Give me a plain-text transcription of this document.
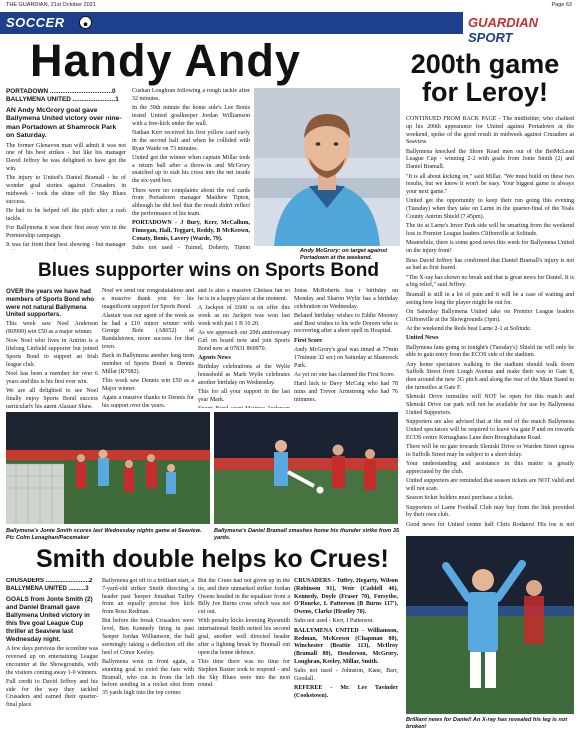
THE GUARDIAN, 21st October 2021	Page 63
SOCCER	GUARDIAN SPORT
Handy Andy	200th game for Leroy!
PORTADOWN ...................................0
BALLYMENA UNITED ........................1
AN Andy McGrory goal gave Ballymena United victory over nine-man Portadown at Shamrock Park on Saturday.

The former Glenavon man will admit it was not one of his best strikes - but like his manager David Jeffrey he was delighted to have got the win.

The injury to United's Daniel Bramall - he of wonder goal stories against Crusaders in midweek - took the shine off the Sky Blues success.

He had to be helped off the pitch after a rash tackle.

For Ballymena it was their first away win in the Premiership campaign.

It was far from their best showing - but manager

Cushan Loughran following a rough tackle after 32 minutes.

In the 39th minute the home side's Lee Bonis tested United goalkeeper Jordan Williamson with a free-kick under the wall.

Nathan Kerr received his first yellow card early in the second half and when he collided with Ryan Waide on 73 minutes.

United got the winner when captain Millar took a return ball after a throw-in and McGrory snatched up to stab his cross into the net inside the six-yard box.

There were no complaints about the red cards from Portadown manager Matthew Tipton, although he did feel that the result didn't reflect the performance of his team.

PORTADOWN - J Bury, Kerr, McCallum, Finnegan, Hall, Teggart, Reddy, B McKeown, Conaty, Bonis, Lavery (Warde, 79).

Subs not used - Tuimel, Doherty, Tipton	Andy McGrory: on target against Portadown at the weekend.

CONTINUED FROM BACK PAGE - The midfielder, who chalked up his 200th appearance for United against Portadown at the weekend, spoke of the good result in midweek against Crusaders at Seaview.

Ballymena knocked the Shore Road men out of the BetMcLean League Cup - winning 2-2 with goals from Jonte Smith (2) and Daniel Bramall.

"It is all about kicking on," said Millar. "We must build on these two results, but we know it won't be easy. Your biggest game is always your next game."

United get the opportunity to keep their run going this evening (Tuesday) when they take on Larne in the quarter-final of the Toals County Antrim Shield (7.45pm).

The tie at Larne's Inver Park side will be smarting from the weekend loss to Premier League leaders Cliftonville at Solitude.

Meanwhile, there is some good news this week for Ballymena United on the injury front!

Boss David Jeffrey has confirmed that Daniel Bramall's injury is not as bad as first feared.

"The X-ray has shown no break and that is great news for Daniel. It is a big relief," said Jeffrey.

Bramall is still in a lot of pain and it will be a case of waiting and seeing how long the player might be out for.

On Saturday Ballymena United take on Premier League leaders Cliftonville at the Showgrounds (3pm).

At the weekend the Reds beat Larne 2-1 at Solitude.

United News

Ballymena fans going to tonight's (Tuesday's) Shield tie will only be able to gain entry from the ECOS side of the stadium.

Any home spectators walking to the stadium should walk down Suffolk Street from Lough Avenue and make their way to Gate 8, then around the new 3G pitch and along the rear of the Main Stand to the turnstiles at Gate F.

Sleniski Drive turnstiles will NOT be open for this match and Sleniski Drive car park will not be available for use by Ballymena United Supporters.

Supporters are also advised that at the end of the match Ballymena United spectators will be required to leave via gate P and on towards ECOS centre Kernaghans Lane then Broughshane Road.

There will be no gate towards Sleniski Drive or Warden Street egress to Suffolk Street may be subject to a short delay.

Your understanding and assistance in this matter is greatly appreciated by the club.

United supporters are reminded that season tickets are NOT valid and will not scan.

Season ticket holders must purchase a ticket.

Supporters of Larne Football Club may buy from the link provided by their own club.

Good news for United centre half Chris Rodgers! His toe is not

Blues supporter wins on Sports Bond
OVER the years we have had members of Sports Bond who were not natural Ballymena United supporters.

This week saw Noel Anderson (R0999) win £50 as a major winner.

Now Noel who lives in Antrim is a lifelong Linfield supporter but joined Sports Bond to support an Irish league club.

Noel has been a member for over 6 years and this is his first ever win.

We are all delighted to see Noel finally enjoy Sports Bond success particularly his agent Alastair Shaw.

Noel we send our congratulations and a massive thank you for his magnificent support for Sports Bond.

Alastair was our agent of the week as he had a £10 minor winner with George Bole (A8652) of Randalstown, more success for that town.

Back in Ballymena another long term member of Sports Bond is Dennis Millar (R7082).

This week saw Dennis win £50 as a Major winner.

Again a massive thanks to Dennis for his support over the years.

and is also a massive Chelsea fan so he is in a happy place at the moment.

A Jackpot of £600 is on offer this week as no Jackpot was won last week with just 1 B 10 20.

As we approach our 20th anniversary Girl on board now and join Sports Bond now at 07831 869970.

Agents News

Birthday celebrations at the Wylie household as Mark Wylie celebrates another birthday on Wednesday.

This for all your support in the last year Mark.

Jonas McRoberts has r birthday on Monday and Sharon Wylie has a birthday celebration on Wednesday.

Belated birthday wishes to Eddie Mooney and Best wishes to his wife Doreen who is recovering after a short spell in Hospital.

First Score

Andy McGrory's goal was timed at 77min 17minute 32 sec) on Saturday at Shamrock Park.

As yet no one has claimed the First Score.

Hard luck to Davy McCaig who had 78 mins and Trevor Armstrong who had 76 mimmes.

Ballymena's Jonte Smith scores last Wednesday nights game at Seaview. Pic Colm Lenaghan/Pacemaker
Ballymena's Daniel Bramall smashes home his thunder strike from 35 yards.
Smith double helps ko Crues!
CRUSADERS ..........................2
BALLYMENA UNITED ..........3
GOALS from Jonte Smith (2) and Daniel Bramall gave Ballymena United victory in this five goal League Cup thriller at Seaview last Wednesday night.

A few days previous the scoreline was reversed up on entertaining League encounter at the Showgrounds, with the visitors coming away 1-0 winners.

Full credit to David Jeffrey and his side for the way they tackled Crusaders and earned their quarter-final place.

Ballymena got off to a brilliant start, a 7-yard-old striker Smith directing a header past 'keeper Jonathan Tuffey from an equally precise free kick from Ross Redman.

But before the break Crusaders were level, Ben Kennedy firing in past 'keeper Jordan Williamson, the ball seemingly taking a deflection off the heel of Conor Keeley.

Ballymena went in front again, a stunning goal to extol the fans with Bramall, who cut in from the left before sending in a rocket shot from 35 yards high into the top corner.

But the Crues had not given up in the tie, and their unmarked striker Jordan Owens headed in the equaliser from a Billy Joe Burns cross which was not cut out.

With penalty kicks looming Ryesmith international Smith netted his second goal, another well directed header after a lighting break by Bramall out open the home defence.

This time there was no time for Stephen Baxter took to respond - and the Sky Blues were into the next round.

CRUSADERS - Tuffey, Hegarty, Wilson (Robinson 91), Weir (Caddell 46), Kennedy, Doyle (Fraser 70), Forsythe, O'Rourke, L Patterson (B Burns 117'), Owens, Clarke (Heatley 70).

Subs not used - Kerr, J Patterson.

BALLYMENA UNITED - Williamson, Redman, McKeown (Chapman 80), Winchester (Beattie 113), McIlroy (Bramall 80), Henderson, McGrory, Loughran, Keeley, Millar, Smith.

Subs not used - Johnston, Kane, Barr, Goodall.

REFEREE - Mr. Lee Tavinder (Cookstown).

Brilliant news for Daniel! An X-ray has revealed his leg is not broken!
